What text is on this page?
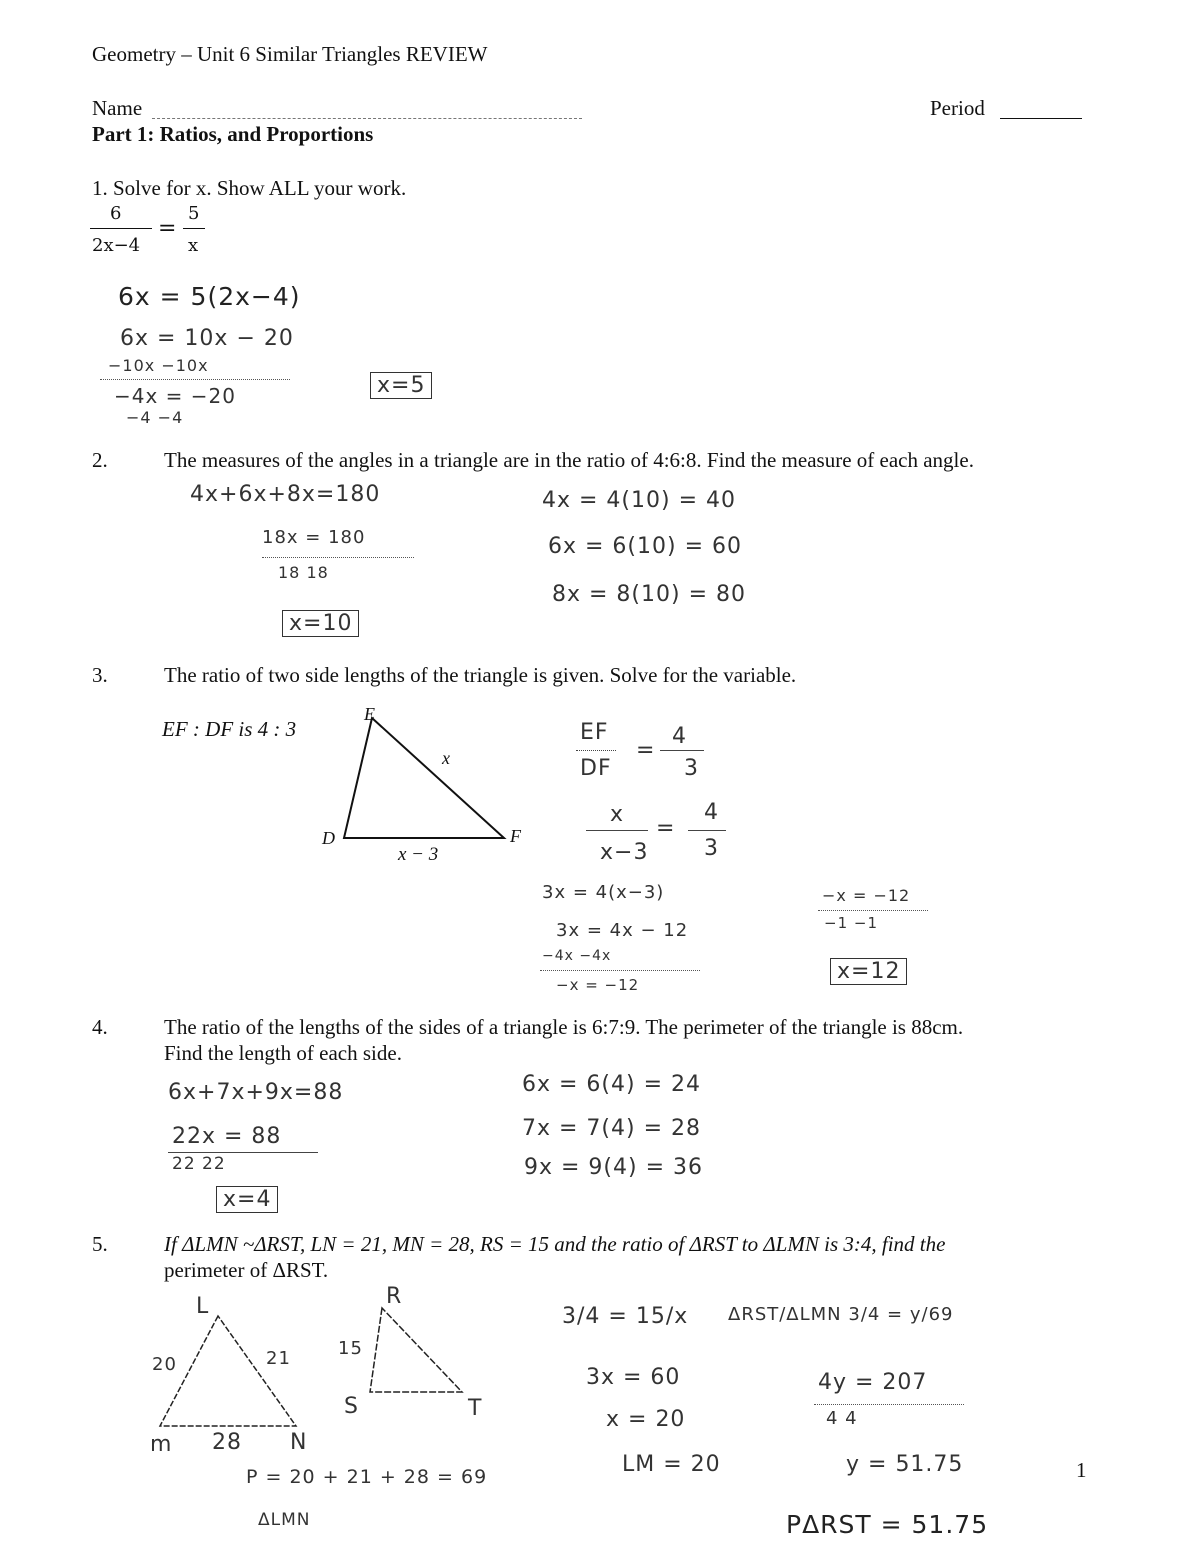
Geometry – Unit 6 Similar Triangles REVIEW
Name	Period
Part 1: Ratios, and Proportions
1. Solve for x. Show ALL your work.
6
2x−4
=
5
x
6x = 5(2x−4)
6x = 10x − 20
−10x −10x
−4x = −20
−4 −4
x=5
2.	The measures of the angles in a triangle are in the ratio of 4:6:8. Find the measure of each angle.
4x+6x+8x=180
18x = 180
18 18
x=10
4x = 4(10) = 40
6x = 6(10) = 60
8x = 8(10) = 80
3.	The ratio of two side lengths of the triangle is given. Solve for the variable.
EF : DF is 4 : 3
E
D	F
x
x − 3
EF
DF
=
4
3
x
x−3
=
4
3
3x = 4(x−3)
3x = 4x − 12
−4x −4x
−x = −12
−x = −12
−1 −1
x=12
4.	The ratio of the lengths of the sides of a triangle is 6:7:9. The perimeter of the triangle is 88cm.
Find the length of each side.
6x+7x+9x=88
22x = 88
22 22
x=4
6x = 6(4) = 24
7x = 7(4) = 28
9x = 9(4) = 36
5.	If ΔLMN ~ΔRST, LN = 21, MN = 28, RS = 15 and the ratio of ΔRST to ΔLMN is 3:4, find the
perimeter of ΔRST.
L
m	N
20	21
28
R
S	T
15
3/4 = 15/x
3x = 60
x = 20
LM = 20
ΔRST/ΔLMN 3/4 = y/69
4y = 207
4 4
y = 51.75
P = 20 + 21 + 28 = 69
ΔLMN	PΔRST = 51.75
1
